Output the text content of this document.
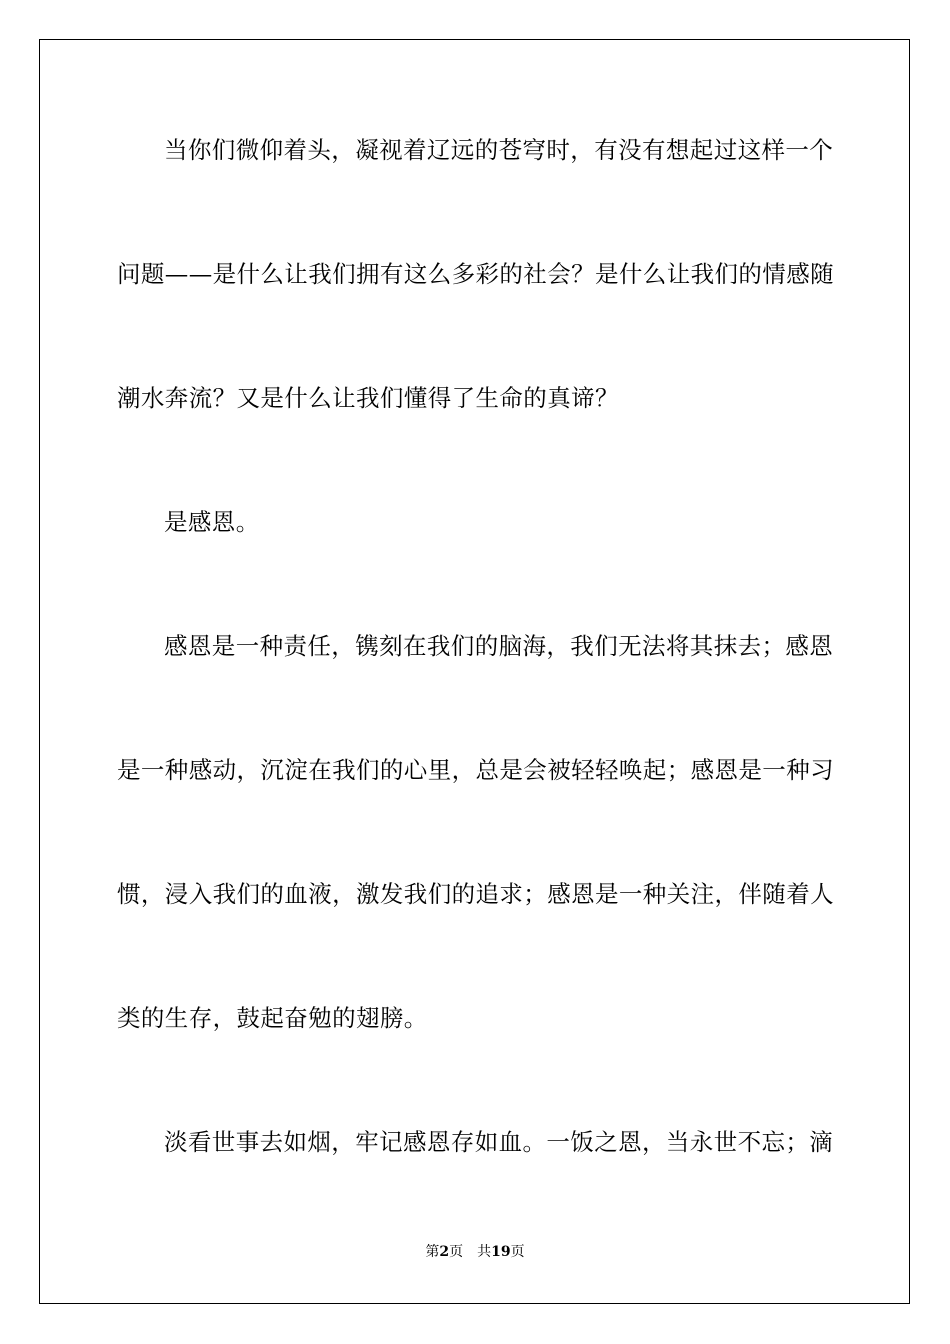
当你们微仰着头，凝视着辽远的苍穹时，有没有想起过这样一个
问题——是什么让我们拥有这么多彩的社会？是什么让我们的情感随
潮水奔流？又是什么让我们懂得了生命的真谛？
是感恩。
感恩是一种责任，镌刻在我们的脑海，我们无法将其抹去；感恩
是一种感动，沉淀在我们的心里，总是会被轻轻唤起；感恩是一种习
惯，浸入我们的血液，激发我们的追求；感恩是一种关注，伴随着人
类的生存，鼓起奋勉的翅膀。
淡看世事去如烟，牢记感恩存如血。一饭之恩，当永世不忘；滴
第2页 共19页
